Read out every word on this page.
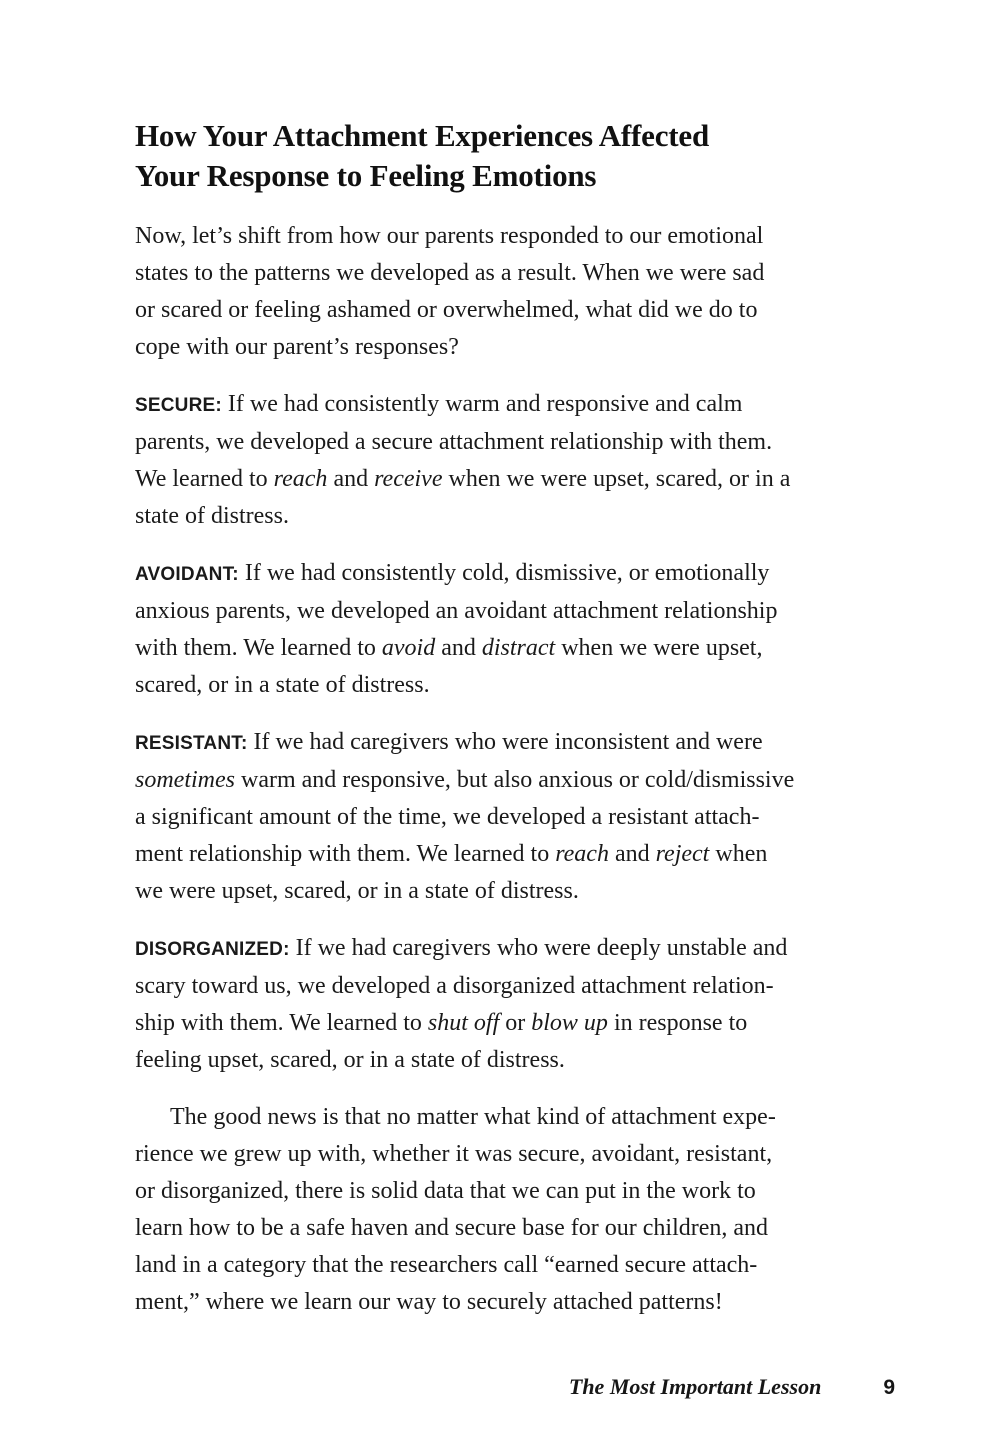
How Your Attachment Experiences Affected
Your Response to Feeling Emotions

Now, let’s shift from how our parents responded to our emotional
states to the patterns we developed as a result. When we were sad
or scared or feeling ashamed or overwhelmed, what did we do to
cope with our parent’s responses?

SECURE: If we had consistently warm and responsive and calm
parents, we developed a secure attachment relationship with them.
We learned to reach and receive when we were upset, scared, or in a
state of distress.

AVOIDANT: If we had consistently cold, dismissive, or emotionally
anxious parents, we developed an avoidant attachment relationship
with them. We learned to avoid and distract when we were upset,
scared, or in a state of distress.

RESISTANT: If we had caregivers who were inconsistent and were
sometimes warm and responsive, but also anxious or cold/dismissive
a significant amount of the time, we developed a resistant attach-
ment relationship with them. We learned to reach and reject when
we were upset, scared, or in a state of distress.

DISORGANIZED: If we had caregivers who were deeply unstable and
scary toward us, we developed a disorganized attachment relation-
ship with them. We learned to shut off or blow up in response to
feeling upset, scared, or in a state of distress.

The good news is that no matter what kind of attachment expe-
rience we grew up with, whether it was secure, avoidant, resistant,
or disorganized, there is solid data that we can put in the work to
learn how to be a safe haven and secure base for our children, and
land in a category that the researchers call “earned secure attach-
ment,” where we learn our way to securely attached patterns!

The Most Important Lesson	9
